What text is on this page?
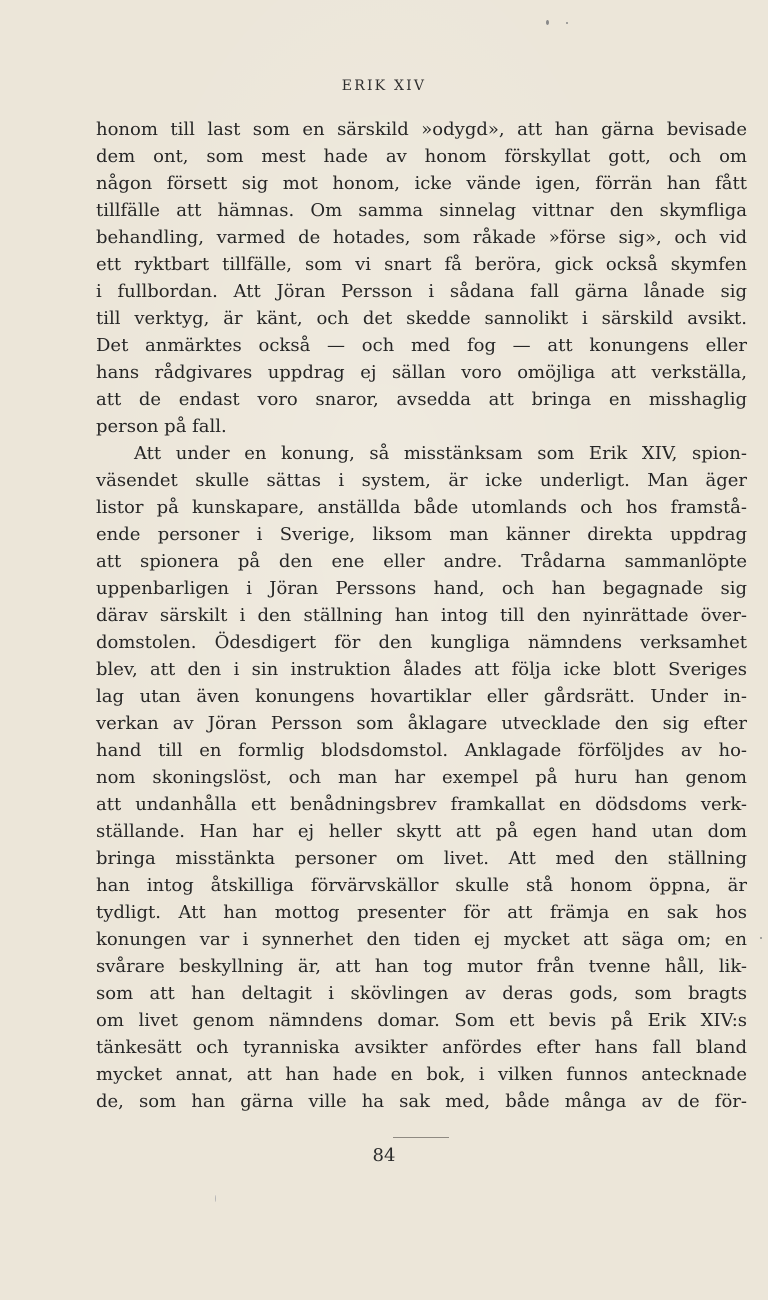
ERIK XIV
honom till last som en särskild »odygd», att han gärna bevisade
dem ont, som mest hade av honom förskyllat gott, och om
någon försett sig mot honom, icke vände igen, förrän han fått
tillfälle att hämnas. Om samma sinnelag vittnar den skymfliga
behandling, varmed de hotades, som råkade »förse sig», och vid
ett ryktbart tillfälle, som vi snart få beröra, gick också skymfen
i fullbordan. Att Jöran Persson i sådana fall gärna lånade sig
till verktyg, är känt, och det skedde sannolikt i särskild avsikt.
Det anmärktes också — och med fog — att konungens eller
hans rådgivares uppdrag ej sällan voro omöjliga att verkställa,
att de endast voro snaror, avsedda att bringa en misshaglig
person på fall.
Att under en konung, så misstänksam som Erik XIV, spion-
väsendet skulle sättas i system, är icke underligt. Man äger
listor på kunskapare, anställda både utomlands och hos framstå-
ende personer i Sverige, liksom man känner direkta uppdrag
att spionera på den ene eller andre. Trådarna sammanlöpte
uppenbarligen i Jöran Perssons hand, och han begagnade sig
därav särskilt i den ställning han intog till den nyinrättade över-
domstolen. Ödesdigert för den kungliga nämndens verksamhet
blev, att den i sin instruktion ålades att följa icke blott Sveriges
lag utan även konungens hovartiklar eller gårdsrätt. Under in-
verkan av Jöran Persson som åklagare utvecklade den sig efter
hand till en formlig blodsdomstol. Anklagade förföljdes av ho-
nom skoningslöst, och man har exempel på huru han genom
att undanhålla ett benådningsbrev framkallat en dödsdoms verk-
ställande. Han har ej heller skytt att på egen hand utan dom
bringa misstänkta personer om livet. Att med den ställning
han intog åtskilliga förvärvskällor skulle stå honom öppna, är
tydligt. Att han mottog presenter för att främja en sak hos
konungen var i synnerhet den tiden ej mycket att säga om; en
svårare beskyllning är, att han tog mutor från tvenne håll, lik-
som att han deltagit i skövlingen av deras gods, som bragts
om livet genom nämndens domar. Som ett bevis på Erik XIV:s
tänkesätt och tyranniska avsikter anfördes efter hans fall bland
mycket annat, att han hade en bok, i vilken funnos antecknade
de, som han gärna ville ha sak med, både många av de för-
84
